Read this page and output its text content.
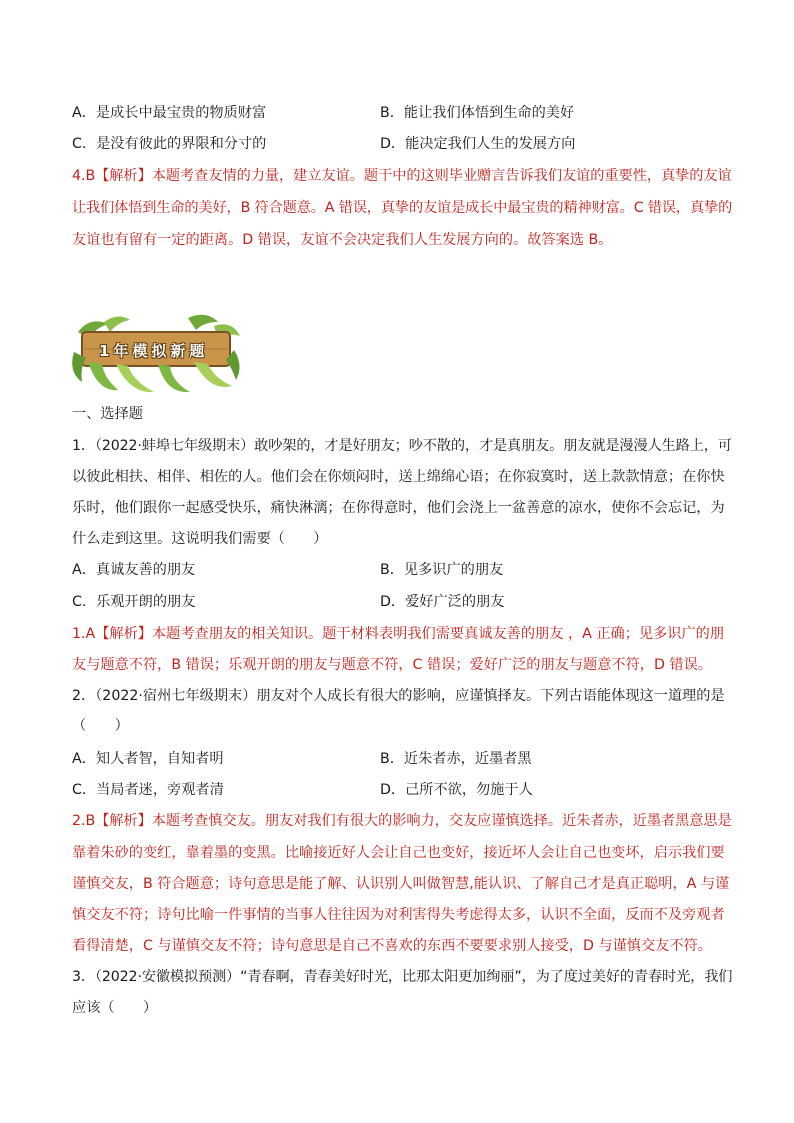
A．是成长中最宝贵的物质财富	B．能让我们体悟到生命的美好
C．是没有彼此的界限和分寸的	D．能决定我们人生的发展方向
4.B【解析】本题考查友情的力量，建立友谊。题干中的这则毕业赠言告诉我们友谊的重要性，真挚的友谊
让我们体悟到生命的美好，B 符合题意。A 错误，真挚的友谊是成长中最宝贵的精神财富。C 错误，真挚的
友谊也有留有一定的距离。D 错误，友谊不会决定我们人生发展方向的。故答案选 B。
1年模拟新题
一、选择题
1．（2022·蚌埠七年级期末）敢吵架的，才是好朋友；吵不散的，才是真朋友。朋友就是漫漫人生路上，可
以彼此相扶、相伴、相佐的人。他们会在你烦闷时，送上绵绵心语；在你寂寞时，送上款款情意；在你快
乐时，他们跟你一起感受快乐，痛快淋漓；在你得意时，他们会浇上一盆善意的凉水，使你不会忘记，为
什么走到这里。这说明我们需要（　　）
A．真诚友善的朋友	B．见多识广的朋友
C．乐观开朗的朋友	D．爱好广泛的朋友
1.A【解析】本题考查朋友的相关知识。题干材料表明我们需要真诚友善的朋友 ，A 正确；见多识广的朋
友与题意不符，B 错误；乐观开朗的朋友与题意不符，C 错误；爱好广泛的朋友与题意不符，D 错误。
2．（2022·宿州七年级期末）朋友对个人成长有很大的影响，应谨慎择友。下列古语能体现这一道理的是
（　　）
A．知人者智，自知者明	B．近朱者赤，近墨者黑
C．当局者迷，旁观者清	D．己所不欲，勿施于人
2.B【解析】本题考查慎交友。朋友对我们有很大的影响力，交友应谨慎选择。近朱者赤，近墨者黑意思是
靠着朱砂的变红，靠着墨的变黑。比喻接近好人会让自己也变好，接近坏人会让自己也变坏，启示我们要
谨慎交友，B 符合题意；诗句意思是能了解、认识别人叫做智慧,能认识、了解自己才是真正聪明，A 与谨
慎交友不符；诗句比喻一件事情的当事人往往因为对利害得失考虑得太多，认识不全面，反而不及旁观者
看得清楚，C 与谨慎交友不符；诗句意思是自己不喜欢的东西不要要求别人接受，D 与谨慎交友不符。
3．（2022·安徽模拟预测）“青春啊，青春美好时光，比那太阳更加绚丽”，为了度过美好的青春时光，我们
应该（　　）
